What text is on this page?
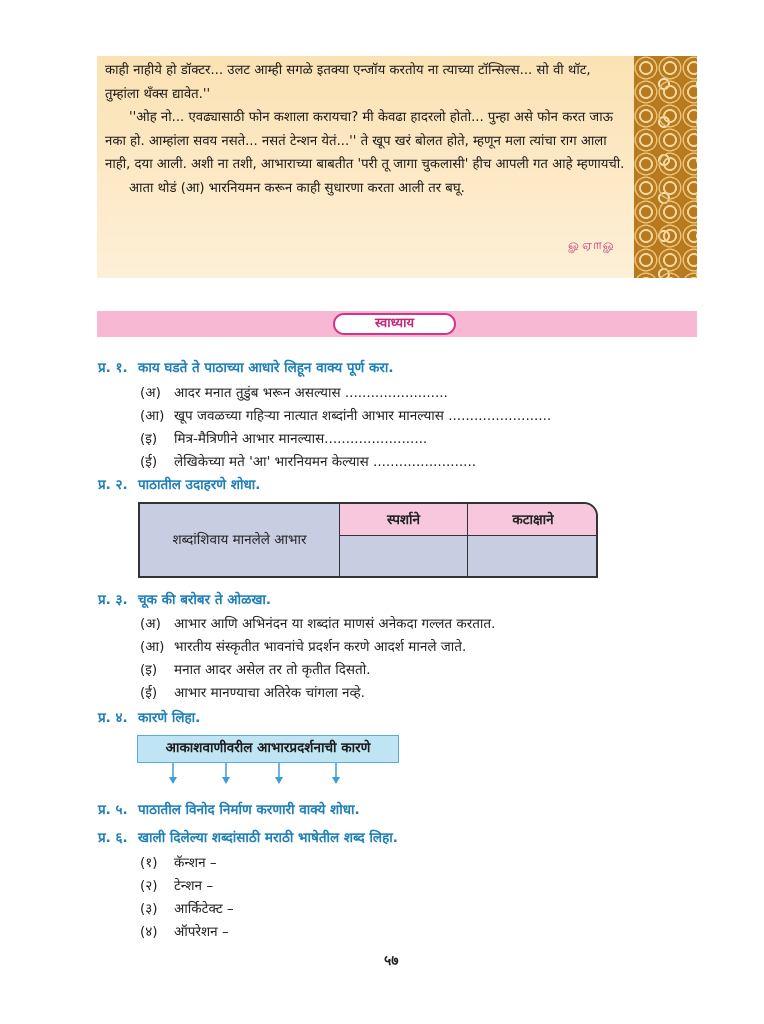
काही नाहीये हो डॉक्टर... उलट आम्ही सगळे इतक्या एन्जॉय करतोय ना त्याच्या टॉन्सिल्स... सो वी थॉट, तुम्हांला थँक्स द्यावेत.''

''ओह नो... एवढ्यासाठी फोन कशाला करायचा? मी केवढा हादरलो होतो... पुन्हा असे फोन करत जाऊ नका हो. आम्हांला सवय नसते... नसतं टेन्शन येतं...'' ते खूप खरं बोलत होते, म्हणून मला त्यांचा राग आला नाही, दया आली. अशी ना तशी, आभाराच्या बाबतीत 'परी तू जागा चुकलासी' हीच आपली गत आहे म्हणायची.

आता थोडं (आ) भारनियमन करून काही सुधारणा करता आली तर बघू.

ௐஏ௱ௐ
स्वाध्याय
प्र. १. काय घडते ते पाठाच्या आधारे लिहून वाक्य पूर्ण करा.
(अ) आदर मनात तुडुंब भरून असल्यास ........................
(आ) खूप जवळच्या गहिऱ्या नात्यात शब्दांनी आभार मानल्यास ........................
(इ) मित्र-मैत्रिणीने आभार मानल्यास........................
(ई) लेखिकेच्या मते 'आ' भारनियमन केल्यास ........................
प्र. २. पाठातील उदाहरणे शोधा.
शब्दांशिवाय मानलेले आभार
स्पर्शाने	कटाक्षाने
प्र. ३. चूक की बरोबर ते ओळखा.
(अ) आभार आणि अभिनंदन या शब्दांत माणसं अनेकदा गल्लत करतात.
(आ) भारतीय संस्कृतीत भावनांचे प्रदर्शन करणे आदर्श मानले जाते.
(इ) मनात आदर असेल तर तो कृतीत दिसतो.
(ई) आभार मानण्याचा अतिरेक चांगला नव्हे.
प्र. ४. कारणे लिहा.
आकाशवाणीवरील आभारप्रदर्शनाची कारणे
प्र. ५. पाठातील विनोद निर्माण करणारी वाक्ये शोधा.
प्र. ६. खाली दिलेल्या शब्दांसाठी मराठी भाषेतील शब्द लिहा.
(१) कॅन्शन –
(२) टेन्शन –
(३) आर्किटेक्ट –
(४) ऑपरेशन –
५७
